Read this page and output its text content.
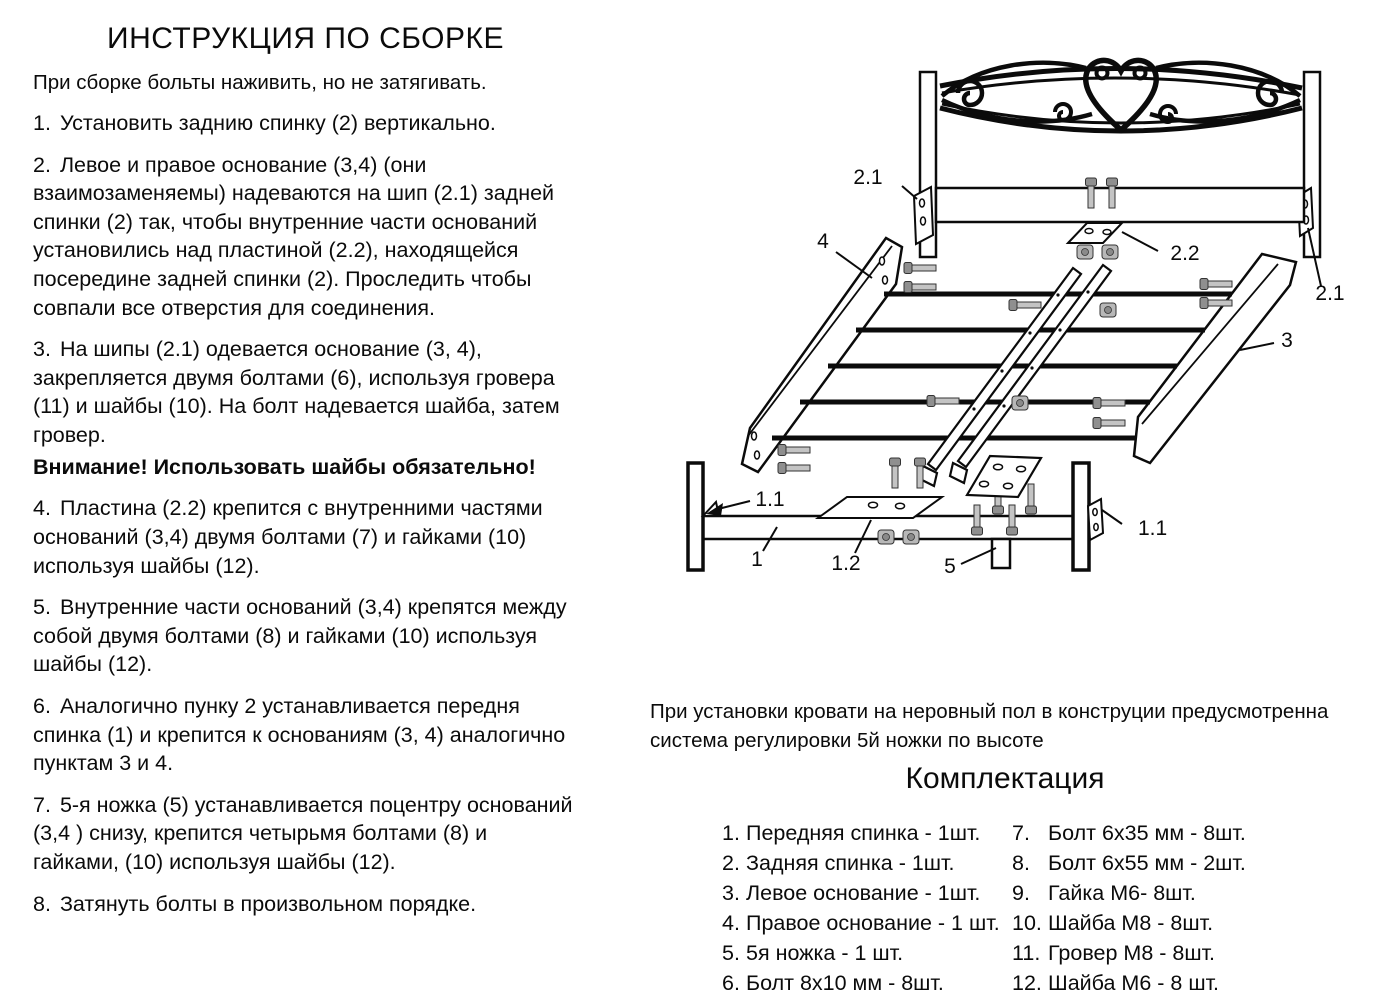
ИНСТРУКЦИЯ ПО СБОРКЕ

При сборке больты наживить, но не затягивать.

1. Установить заднию спинку (2) вертикально.

2. Левое и правое основание (3,4) (они взаимозаменяемы) надеваются на шип (2.1) задней спинки (2) так, чтобы внутренние части оснований установились над пластиной (2.2), находящейся посередине задней спинки (2). Проследить чтобы совпали все отверстия для соединения.

3. На шипы (2.1) одевается основание (3, 4), закрепляется двумя болтами (6), используя гровера (11) и шайбы (10). На болт надевается шайба, затем гровер.

Внимание! Использовать шайбы обязательно!

4. Пластина (2.2) крепится с внутренними частями оснований (3,4) двумя болтами (7) и гайками (10) используя шайбы (12).

5. Внутренние части оснований (3,4) крепятся между собой двумя болтами (8) и гайками (10) используя шайбы (12).

6. Аналогично пунку 2 устанавливается передня спинка (1) и крепится к основаниям (3, 4) аналогично пунктам 3 и 4.

7. 5-я ножка (5) устанавливается поцентру оснований (3,4 ) снизу, крепится четырьмя болтами (8) и гайками, (10) используя шайбы (12).

8. Затянуть болты в произвольном порядке.

2.1
2.2
2.1
4
3
1.1
1	1.2	5
1.1

При установки кровати на неровный пол в конструции предусмотренна система регулировки 5й ножки по высоте

Комплектация
1. Передняя спинка - 1шт.
2. Задняя спинка - 1шт.
3. Левое основание - 1шт.
4. Правое основание - 1 шт.
5. 5я ножка - 1 шт.
6. Болт 8х10 мм - 8шт.
7. Болт 6х35 мм - 8шт.
8. Болт 6х55 мм - 2шт.
9. Гайка М6- 8шт.
10. Шайба М8 - 8шт.
11. Гровер М8 - 8шт.
12. Шайба М6 - 8 шт.
